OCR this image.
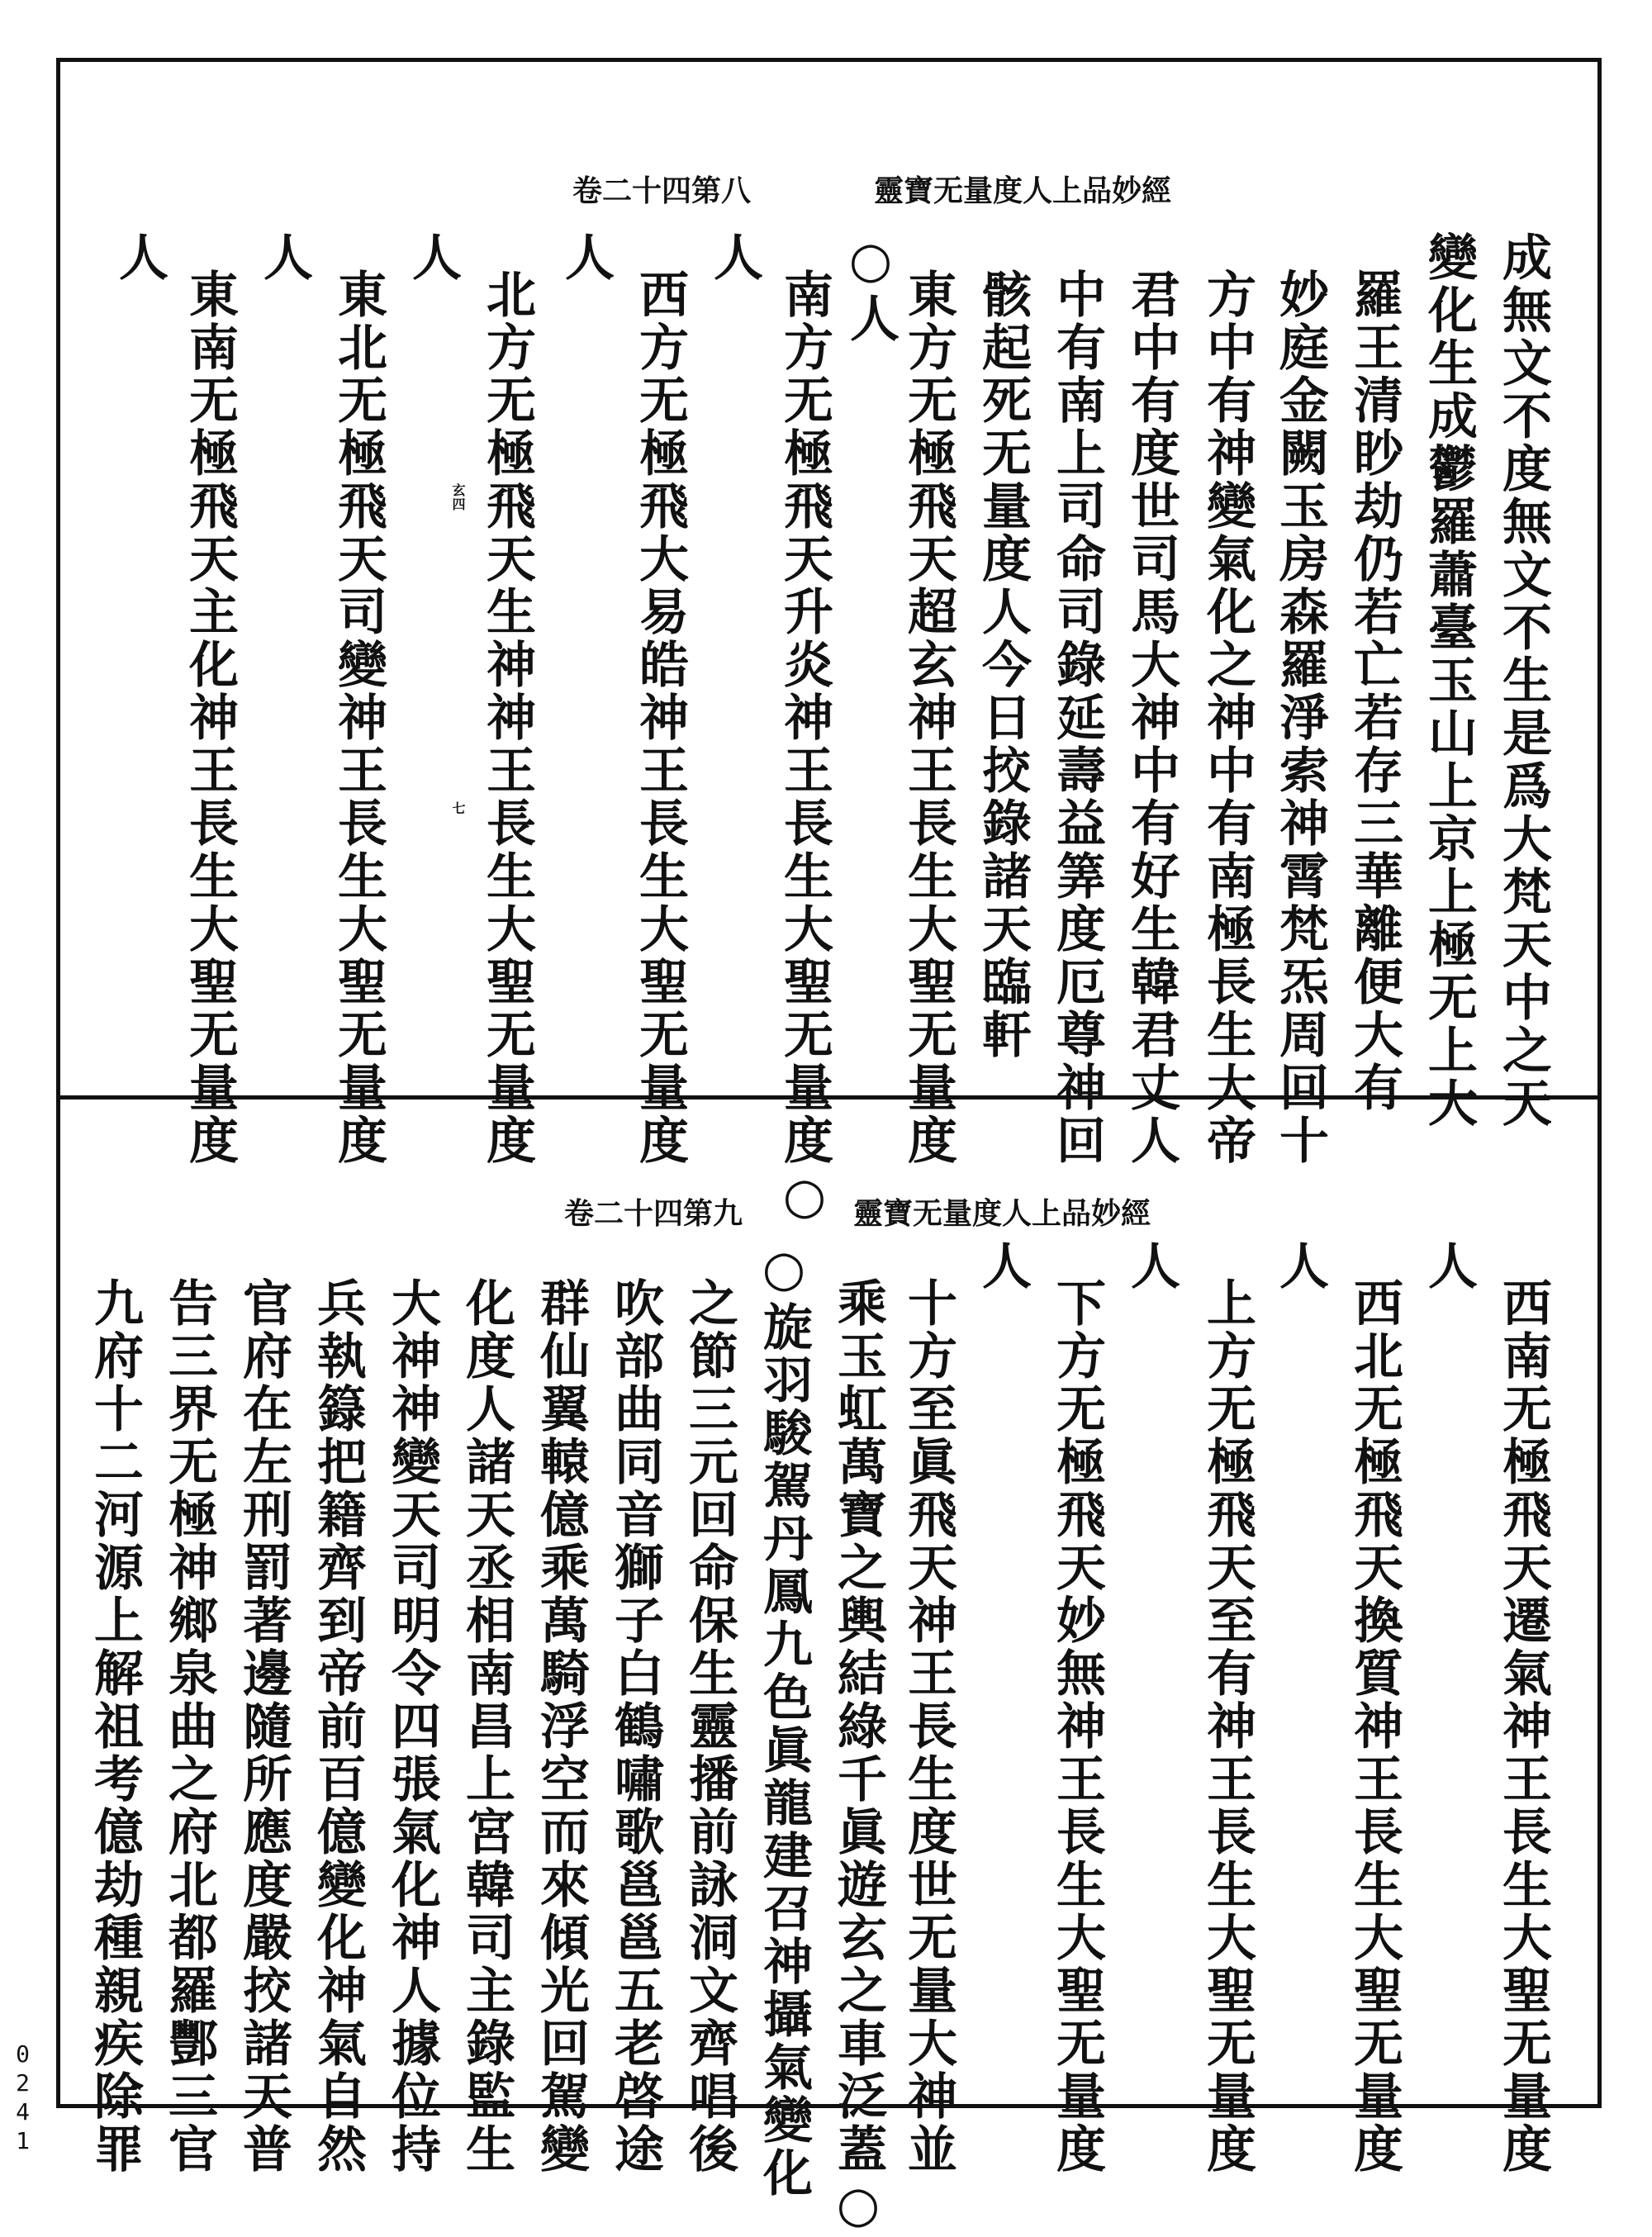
靈寶无量度人上品妙經
卷二十四第八
成無文不度無文不生是爲大梵天中之天
變化生成鬱羅蕭臺玉山上京上極无上大
羅王清眇劫仍若亡若存三華離便大有
妙庭金闕玉房森羅淨索神霄梵炁周回十
方中有神變氣化之神中有南極長生大帝
君中有度世司馬大神中有好生韓君丈人
中有南上司命司錄延壽益筭度厄尊神回
骸起死无量度人今日挍錄諸天臨軒
東方无極飛天超玄神王長生大聖无量度
○人
南方无極飛天升炎神王長生大聖无量度○
人
西方无極飛大易皓神王長生大聖无量度
人
北方无極飛天生神神王長生大聖无量度
人
東北无極飛天司變神王長生大聖无量度
人
東南无極飛天主化神王長生大聖无量度
人
玄四
七
靈寶无量度人上品妙經
卷二十四第九
西南无極飛天遷氣神王長生大聖无量度
人
西北无極飛天換質神王長生大聖无量度
人
上方无極飛天至有神王長生大聖无量度
人
下方无極飛天妙無神王長生大聖无量度
人
十方至眞飛天神王長生度世无量大神並
乘玉虹萬寶之輿結綠千眞遊玄之車泛蓋○
○旋羽駿駕丹鳳九色眞龍建召神攝氣變化
之節三元回命保生靈播前詠洞文齊唱後
吹部曲同音獅子白鶴嘯歌邕邕五老啓途
群仙翼轅億乘萬騎浮空而來傾光回駕變
化度人諸天丞相南昌上宮韓司主錄監生
大神神變天司明令四張氣化神人據位持
兵執籙把籍齊到帝前百億變化神氣自然
官府在左刑罰著邊隨所應度嚴挍諸天普
告三界无極神鄉泉曲之府北都羅酆三官
九府十二河源上解祖考億劫種親疾除罪
0241
